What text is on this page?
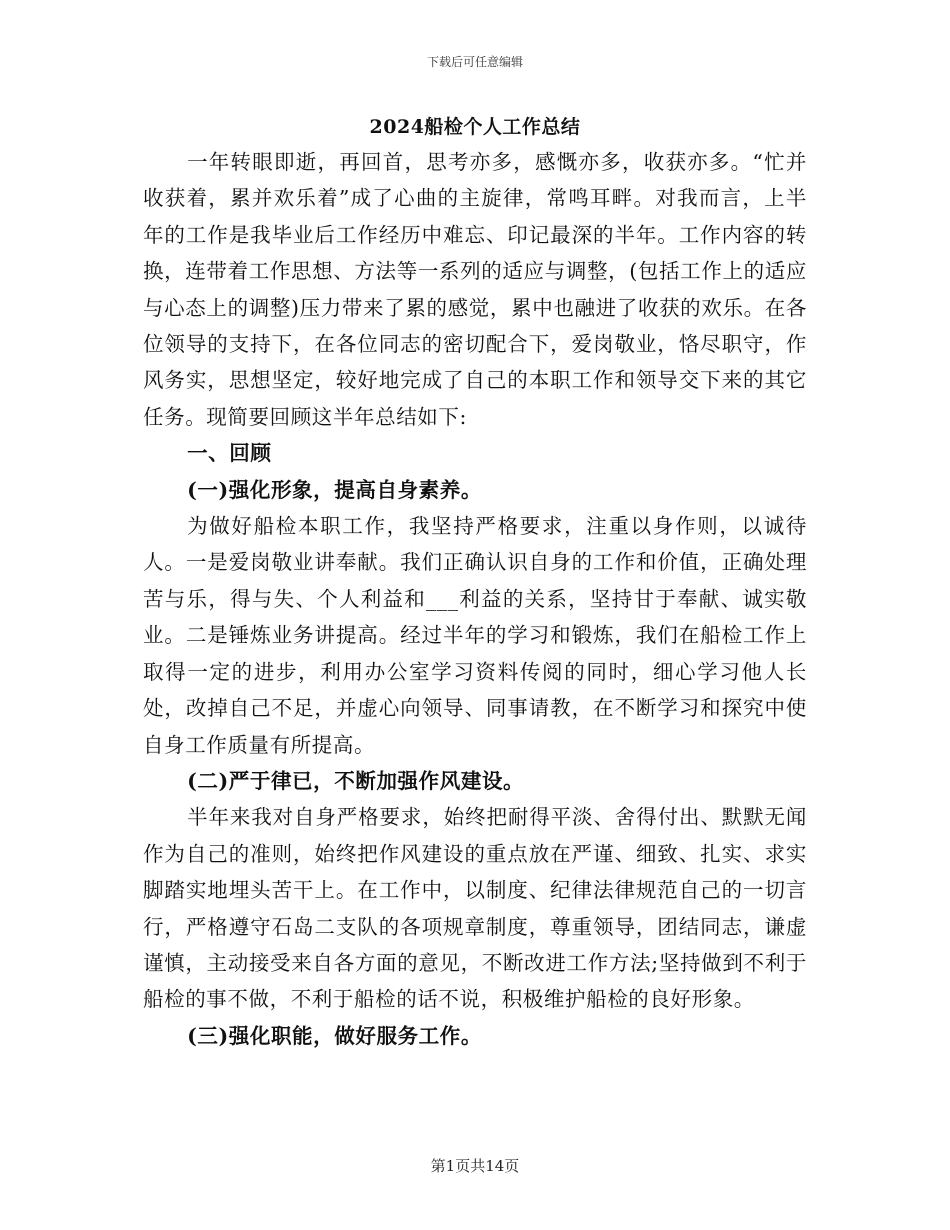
下载后可任意编辑
2024船检个人工作总结

一年转眼即逝，再回首，思考亦多，感慨亦多，收获亦多。“忙并收获着，累并欢乐着”成了心曲的主旋律，常鸣耳畔。对我而言，上半年的工作是我毕业后工作经历中难忘、印记最深的半年。工作内容的转换，连带着工作思想、方法等一系列的适应与调整，(包括工作上的适应与心态上的调整)压力带来了累的感觉，累中也融进了收获的欢乐。在各位领导的支持下，在各位同志的密切配合下，爱岗敬业，恪尽职守，作风务实，思想坚定，较好地完成了自己的本职工作和领导交下来的其它任务。现简要回顾这半年总结如下:

一、回顾

(一)强化形象，提高自身素养。

为做好船检本职工作，我坚持严格要求，注重以身作则，以诚待人。一是爱岗敬业讲奉献。我们正确认识自身的工作和价值，正确处理苦与乐，得与失、个人利益和___利益的关系，坚持甘于奉献、诚实敬业。二是锤炼业务讲提高。经过半年的学习和锻炼，我们在船检工作上取得一定的进步，利用办公室学习资料传阅的同时，细心学习他人长处，改掉自己不足，并虚心向领导、同事请教，在不断学习和探究中使自身工作质量有所提高。

(二)严于律已，不断加强作风建设。

半年来我对自身严格要求，始终把耐得平淡、舍得付出、默默无闻作为自己的准则，始终把作风建设的重点放在严谨、细致、扎实、求实脚踏实地埋头苦干上。在工作中，以制度、纪律法律规范自己的一切言行，严格遵守石岛二支队的各项规章制度，尊重领导，团结同志，谦虚谨慎，主动接受来自各方面的意见，不断改进工作方法;坚持做到不利于船检的事不做，不利于船检的话不说，积极维护船检的良好形象。

(三)强化职能，做好服务工作。

第1页共14页
